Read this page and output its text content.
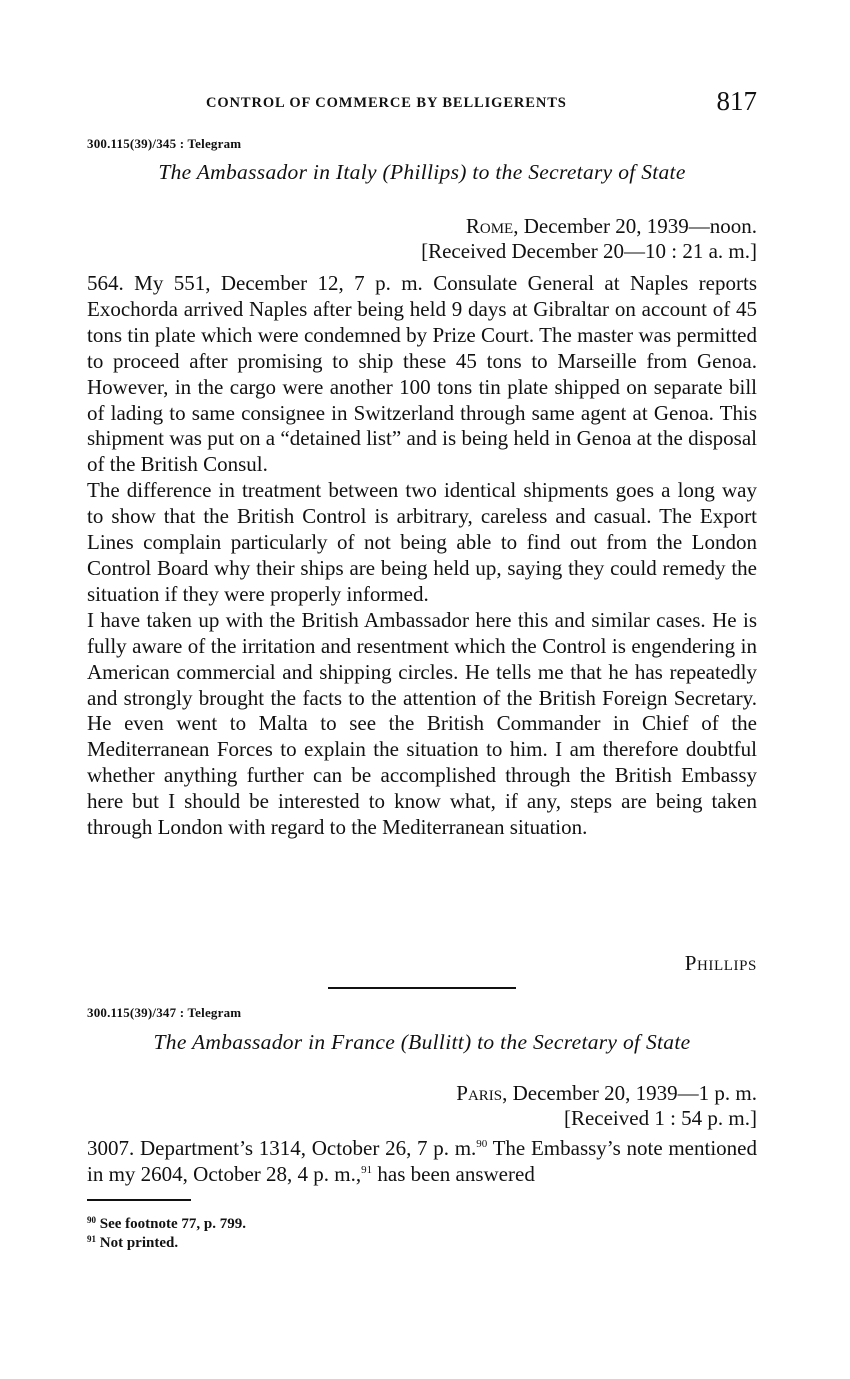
CONTROL OF COMMERCE BY BELLIGERENTS	817
300.115(39)/345 : Telegram
The Ambassador in Italy (Phillips) to the Secretary of State
Rome, December 20, 1939—noon.
[Received December 20—10 : 21 a. m.]

564. My 551, December 12, 7 p. m. Consulate General at Naples reports Exochorda arrived Naples after being held 9 days at Gibraltar on account of 45 tons tin plate which were condemned by Prize Court. The master was permitted to proceed after promising to ship these 45 tons to Marseille from Genoa. However, in the cargo were another 100 tons tin plate shipped on separate bill of lading to same consignee in Switzerland through same agent at Genoa. This shipment was put on a “detained list” and is being held in Genoa at the disposal of the British Consul.

The difference in treatment between two identical shipments goes a long way to show that the British Control is arbitrary, careless and casual. The Export Lines complain particularly of not being able to find out from the London Control Board why their ships are being held up, saying they could remedy the situation if they were properly informed.

I have taken up with the British Ambassador here this and similar cases. He is fully aware of the irritation and resentment which the Control is engendering in American commercial and shipping circles. He tells me that he has repeatedly and strongly brought the facts to the attention of the British Foreign Secretary. He even went to Malta to see the British Commander in Chief of the Mediterranean Forces to explain the situation to him. I am therefore doubtful whether anything further can be accomplished through the British Embassy here but I should be interested to know what, if any, steps are being taken through London with regard to the Mediterranean situation.

Phillips
300.115(39)/347 : Telegram
The Ambassador in France (Bullitt) to the Secretary of State
Paris, December 20, 1939—1 p. m.
[Received 1 : 54 p. m.]

3007. Department’s 1314, October 26, 7 p. m.$^{90}$ The Embassy’s note mentioned in my 2604, October 28, 4 p. m.,$^{91}$ has been answered

$^{90}$ See footnote 77, p. 799.
$^{91}$ Not printed.
